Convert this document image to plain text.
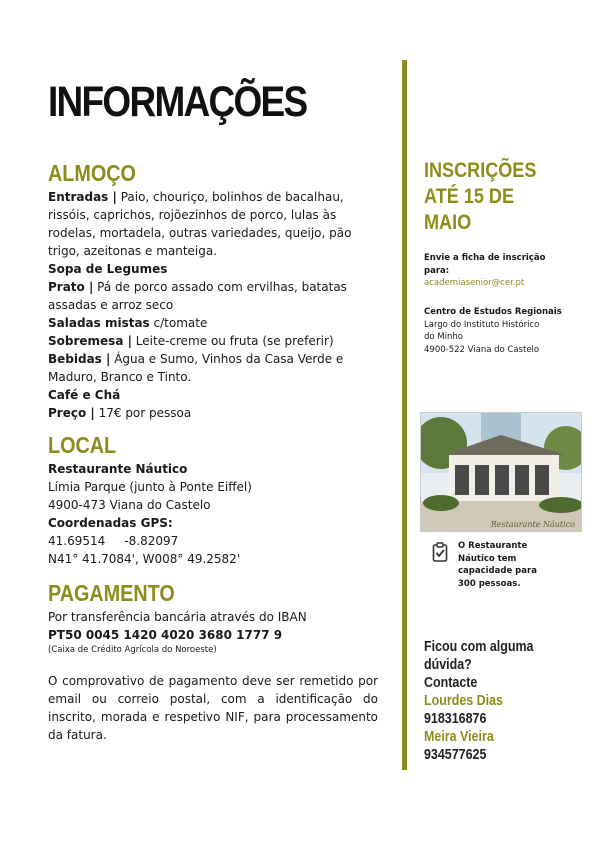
INFORMAÇÕES
ALMOÇO
Entradas | Paio, chouriço, bolinhos de bacalhau, rissóis, caprichos, rojõezinhos de porco, lulas às rodelas, mortadela, outras variedades, queijo, pão trigo, azeitonas e manteiga.
Sopa de Legumes
Prato | Pá de porco assado com ervilhas, batatas assadas e arroz seco
Saladas mistas c/tomate
Sobremesa | Leite-creme ou fruta (se preferir)
Bebidas | Água e Sumo, Vinhos da Casa Verde e Maduro, Branco e Tinto.
Café e Chá
Preço | 17€ por pessoa
LOCAL
Restaurante Náutico
Límia Parque (junto à Ponte Eiffel)
4900-473 Viana do Castelo
Coordenadas GPS:
41.69514     -8.82097
N41° 41.7084', W008° 49.2582'
PAGAMENTO
Por transferência bancária através do IBAN
PT50 0045 1420 4020 3680 1777 9
(Caixa de Crédito Agrícola do Noroeste)
O comprovativo de pagamento deve ser remetido por email ou correio postal, com a identificação do inscrito, morada e respetivo NIF, para processamento da fatura.
INSCRIÇÕES
ATÉ 15 DE
MAIO
Envie a ficha de inscrição
para:
academiasenior@cer.pt
Centro de Estudos Regionais
Largo do Instituto Histórico
do Minho
4900-522 Viana do Castelo
Restaurante Náutico
O Restaurante
Náutico tem
capacidade para
300 pessoas.
Ficou com alguma
dúvida?
Contacte
Lourdes Dias
918316876
Meira Vieira
934577625
